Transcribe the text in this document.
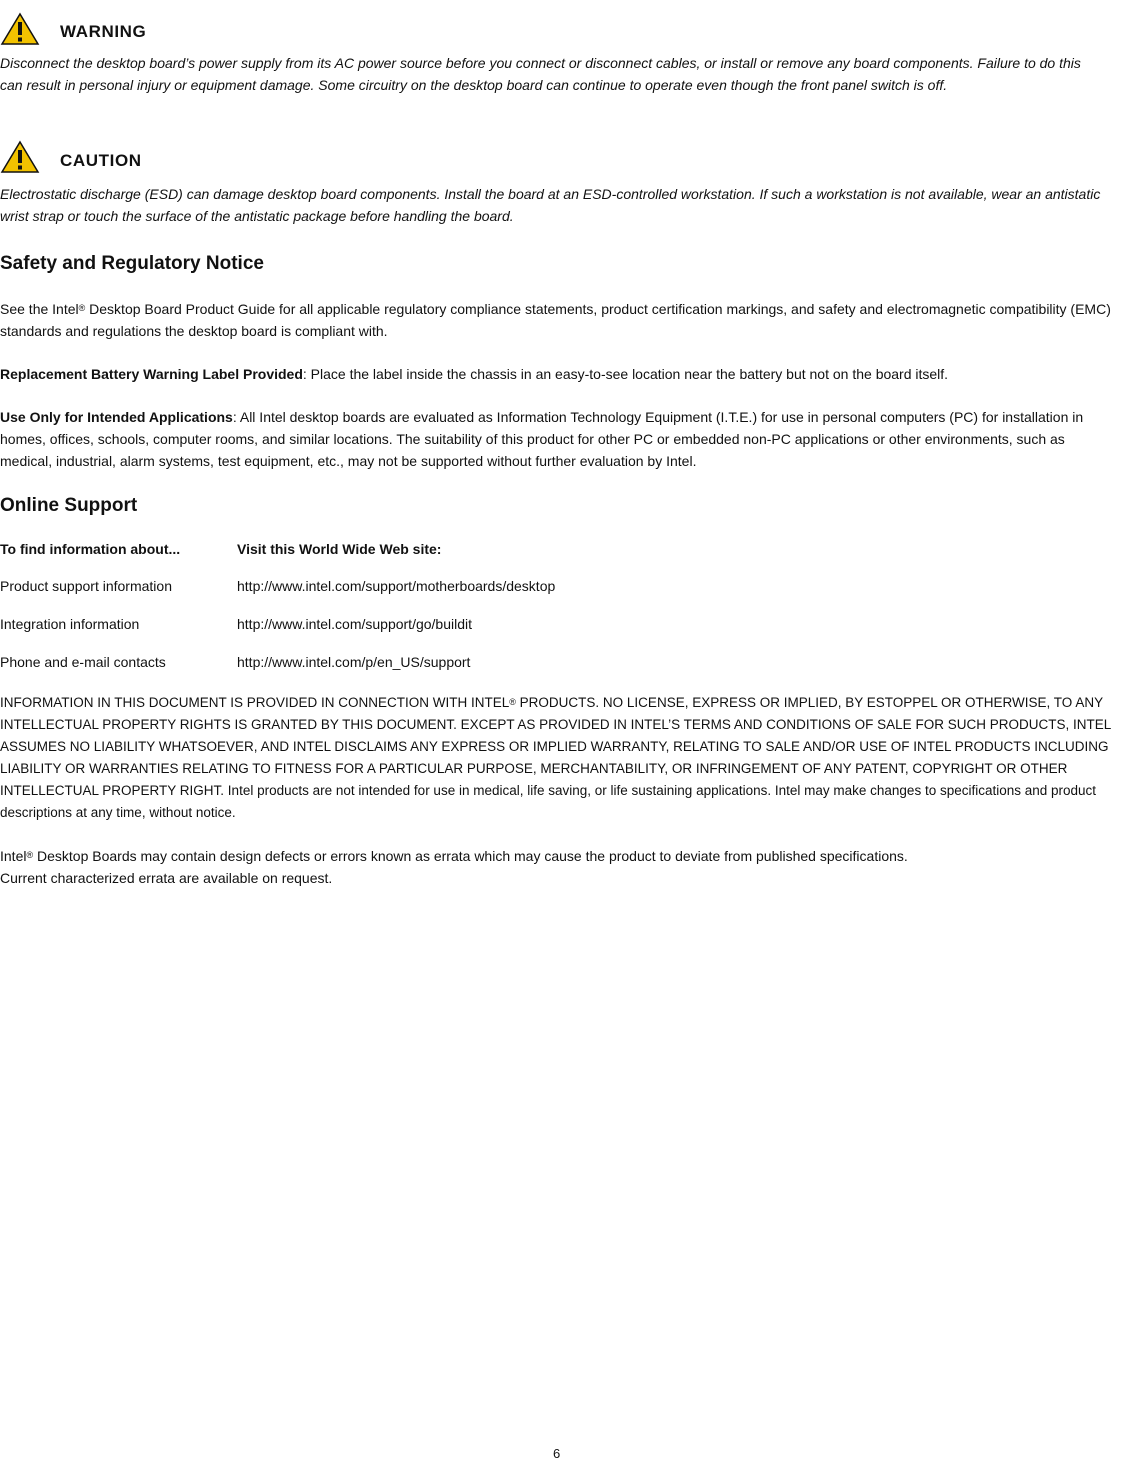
WARNING
Disconnect the desktop board’s power supply from its AC power source before you connect or disconnect cables, or install or remove any board components. Failure to do this can result in personal injury or equipment damage. Some circuitry on the desktop board can continue to operate even though the front panel switch is off.
CAUTION
Electrostatic discharge (ESD) can damage desktop board components. Install the board at an ESD-controlled workstation. If such a workstation is not available, wear an antistatic wrist strap or touch the surface of the antistatic package before handling the board.
Safety and Regulatory Notice
See the Intel® Desktop Board Product Guide for all applicable regulatory compliance statements, product certification markings, and safety and electromagnetic compatibility (EMC) standards and regulations the desktop board is compliant with.
Replacement Battery Warning Label Provided: Place the label inside the chassis in an easy-to-see location near the battery but not on the board itself.
Use Only for Intended Applications: All Intel desktop boards are evaluated as Information Technology Equipment (I.T.E.) for use in personal computers (PC) for installation in homes, offices, schools, computer rooms, and similar locations. The suitability of this product for other PC or embedded non-PC applications or other environments, such as medical, industrial, alarm systems, test equipment, etc., may not be supported without further evaluation by Intel.
Online Support
To find information about...	Visit this World Wide Web site:
Product support information	http://www.intel.com/support/motherboards/desktop
Integration information	http://www.intel.com/support/go/buildit
Phone and e-mail contacts	http://www.intel.com/p/en_US/support
INFORMATION IN THIS DOCUMENT IS PROVIDED IN CONNECTION WITH INTEL® PRODUCTS. NO LICENSE, EXPRESS OR IMPLIED, BY ESTOPPEL OR OTHERWISE, TO ANY INTELLECTUAL PROPERTY RIGHTS IS GRANTED BY THIS DOCUMENT. EXCEPT AS PROVIDED IN INTEL’S TERMS AND CONDITIONS OF SALE FOR SUCH PRODUCTS, INTEL ASSUMES NO LIABILITY WHATSOEVER, AND INTEL DISCLAIMS ANY EXPRESS OR IMPLIED WARRANTY, RELATING TO SALE AND/OR USE OF INTEL PRODUCTS INCLUDING LIABILITY OR WARRANTIES RELATING TO FITNESS FOR A PARTICULAR PURPOSE, MERCHANTABILITY, OR INFRINGEMENT OF ANY PATENT, COPYRIGHT OR OTHER INTELLECTUAL PROPERTY RIGHT. Intel products are not intended for use in medical, life saving, or life sustaining applications. Intel may make changes to specifications and product descriptions at any time, without notice.
Intel® Desktop Boards may contain design defects or errors known as errata which may cause the product to deviate from published specifications.
Current characterized errata are available on request.
6
